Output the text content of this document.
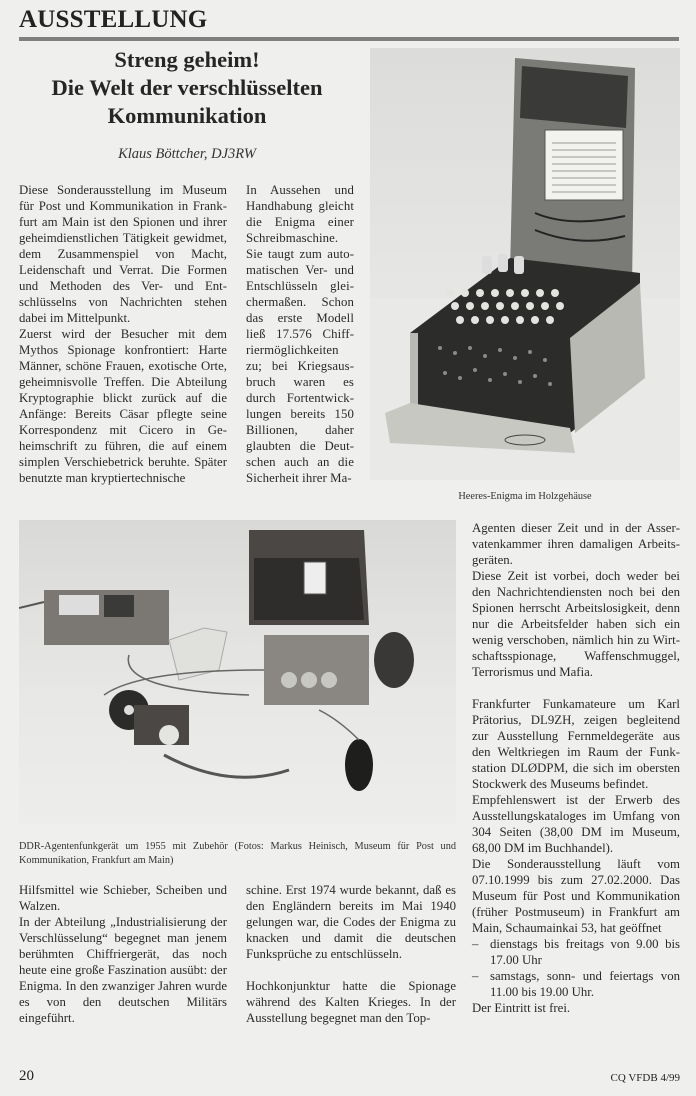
AUSSTELLUNG
Streng geheim!
Die Welt der verschlüsselten
Kommunikation
Klaus Böttcher, DJ3RW

Diese Sonderausstellung im Museum für Post und Kommunikation in Frankfurt am Main ist den Spionen und ihrer geheimdienstlichen Tätigkeit gewidmet, dem Zusammenspiel von Macht, Leidenschaft und Verrat. Die Formen und Methoden des Ver- und Entschlüsselns von Nachrichten stehen dabei im Mittelpunkt.

Zuerst wird der Besucher mit dem Mythos Spionage konfrontiert: Harte Männer, schöne Frauen, exotische Orte, geheimnisvolle Treffen. Die Abteilung Kryptographie blickt zurück auf die Anfänge: Bereits Cäsar pflegte seine Korrespondenz mit Cicero in Geheimschrift zu führen, die auf einem simplen Verschiebetrick beruhte. Später benutzte man kryptiertechnische

In Aussehen und Handhabung gleicht die Enigma einer Schreibmaschine. Sie taugt zum automatischen Ver- und Entschlüsseln gleichermaßen. Schon das erste Modell ließ 17.576 Chiffriermöglichkeiten zu; bei Kriegsausbruch waren es durch Fortentwicklungen bereits 150 Billionen, daher glaubten die Deutschen auch an die Sicherheit ihrer Ma-

Heeres-Enigma im Holzgehäuse
DDR-Agentenfunkgerät um 1955 mit Zubehör (Fotos: Markus Heinisch, Museum für Post und Kommunikation, Frankfurt am Main)

Hilfsmittel wie Schieber, Scheiben und Walzen.

In der Abteilung „Industrialisierung der Verschlüsselung“ begegnet man jenem berühmten Chiffriergerät, das noch heute eine große Faszination ausübt: der Enigma. In den zwanziger Jahren wurde es von den deutschen Militärs eingeführt.

schine. Erst 1974 wurde bekannt, daß es den Engländern bereits im Mai 1940 gelungen war, die Codes der Enigma zu knacken und damit die deutschen Funksprüche zu entschlüsseln.

Hochkonjunktur hatte die Spionage während des Kalten Krieges. In der Ausstellung begegnet man den Top-

Agenten dieser Zeit und in der Asservatenkammer ihren damaligen Arbeitsgeräten.

Diese Zeit ist vorbei, doch weder bei den Nachrichtendiensten noch bei den Spionen herrscht Arbeitslosigkeit, denn nur die Arbeitsfelder haben sich ein wenig verschoben, nämlich hin zu Wirtschaftsspionage, Waffenschmuggel, Terrorismus und Mafia.

Frankfurter Funkamateure um Karl Prätorius, DL9ZH, zeigen begleitend zur Ausstellung Fernmeldegeräte aus den Weltkriegen im Raum der Funkstation DLØDPM, die sich im obersten Stockwerk des Museums befindet.

Empfehlenswert ist der Erwerb des Ausstellungskataloges im Umfang von 304 Seiten (38,00 DM im Museum, 68,00 DM im Buchhandel).

Die Sonderausstellung läuft vom 07.10.1999 bis zum 27.02.2000. Das Museum für Post und Kommunikation (früher Postmuseum) in Frankfurt am Main, Schaumainkai 53, hat geöffnet

– dienstags bis freitags von 9.00 bis 17.00 Uhr
– samstags, sonn- und feiertags von 11.00 bis 19.00 Uhr.

Der Eintritt ist frei.

20	CQ VFDB 4/99
